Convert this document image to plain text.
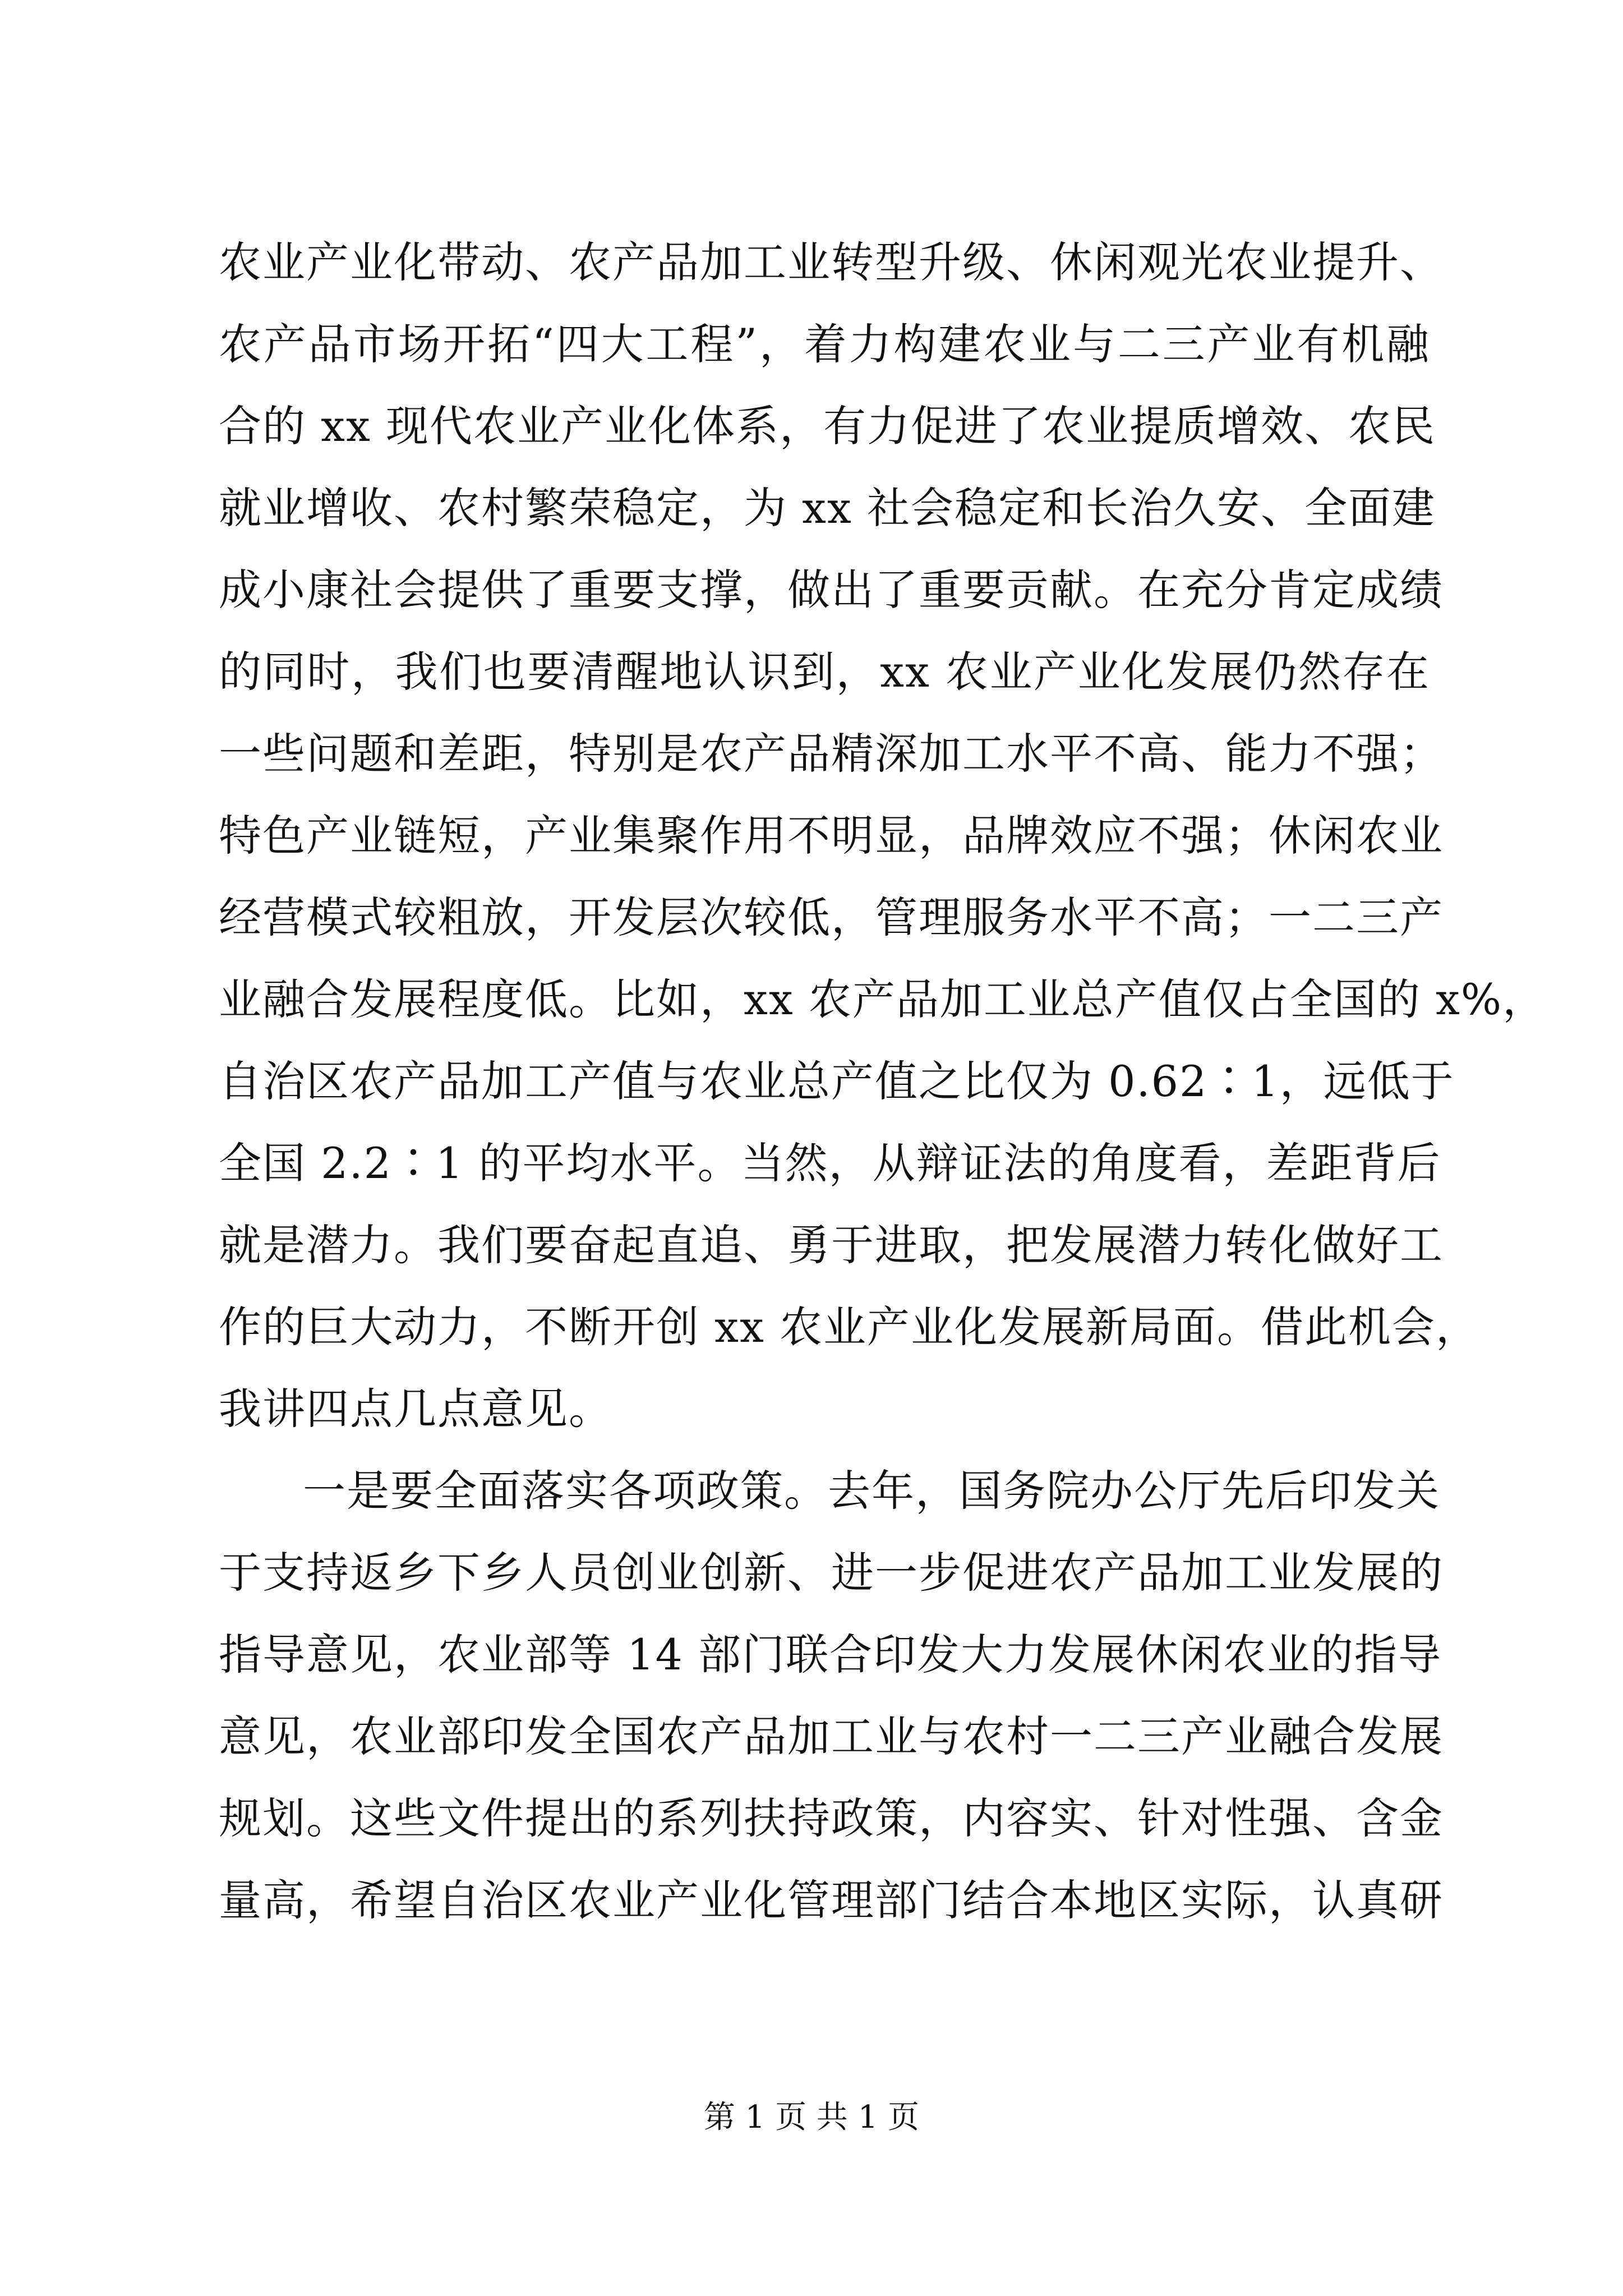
农业产业化带动、农产品加工业转型升级、休闲观光农业提升、
农产品市场开拓“四大工程”，着力构建农业与二三产业有机融
合的 xx 现代农业产业化体系，有力促进了农业提质增效、农民
就业增收、农村繁荣稳定，为 xx 社会稳定和长治久安、全面建
成小康社会提供了重要支撑，做出了重要贡献。在充分肯定成绩
的同时，我们也要清醒地认识到，xx 农业产业化发展仍然存在
一些问题和差距，特别是农产品精深加工水平不高、能力不强；
特色产业链短，产业集聚作用不明显，品牌效应不强；休闲农业
经营模式较粗放，开发层次较低，管理服务水平不高；一二三产
业融合发展程度低。比如，xx 农产品加工业总产值仅占全国的 x%，
自治区农产品加工产值与农业总产值之比仅为 0.62∶1，远低于
全国 2.2∶1 的平均水平。当然，从辩证法的角度看，差距背后
就是潜力。我们要奋起直追、勇于进取，把发展潜力转化做好工
作的巨大动力，不断开创 xx 农业产业化发展新局面。借此机会，
我讲四点几点意见。
一是要全面落实各项政策。去年，国务院办公厅先后印发关
于支持返乡下乡人员创业创新、进一步促进农产品加工业发展的
指导意见，农业部等 14 部门联合印发大力发展休闲农业的指导
意见，农业部印发全国农产品加工业与农村一二三产业融合发展
规划。这些文件提出的系列扶持政策，内容实、针对性强、含金
量高，希望自治区农业产业化管理部门结合本地区实际，认真研
第 1 页 共 1 页
